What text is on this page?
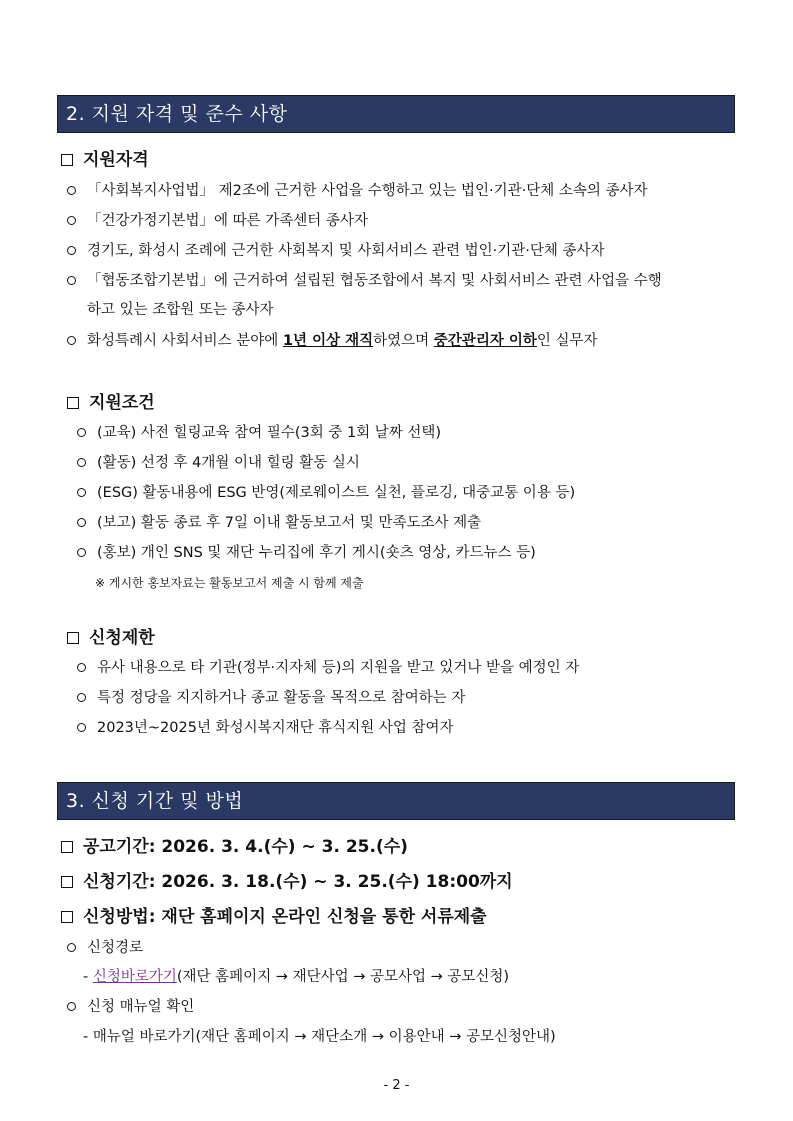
2. 지원 자격 및 준수 사항
지원자격
「사회복지사업법」 제2조에 근거한 사업을 수행하고 있는 법인·기관·단체 소속의 종사자
「건강가정기본법」에 따른 가족센터 종사자
경기도, 화성시 조례에 근거한 사회복지 및 사회서비스 관련 법인·기관·단체 종사자
「협동조합기본법」에 근거하여 설립된 협동조합에서 복지 및 사회서비스 관련 사업을 수행
하고 있는 조합원 또는 종사자
화성특례시 사회서비스 분야에 1년 이상 재직하였으며 중간관리자 이하인 실무자
지원조건
(교육) 사전 힐링교육 참여 필수(3회 중 1회 날짜 선택)
(활동) 선정 후 4개월 이내 힐링 활동 실시
(ESG) 활동내용에 ESG 반영(제로웨이스트 실천, 플로깅, 대중교통 이용 등)
(보고) 활동 종료 후 7일 이내 활동보고서 및 만족도조사 제출
(홍보) 개인 SNS 및 재단 누리집에 후기 게시(숏츠 영상, 카드뉴스 등)
※ 게시한 홍보자료는 활동보고서 제출 시 함께 제출
신청제한
유사 내용으로 타 기관(정부·지자체 등)의 지원을 받고 있거나 받을 예정인 자
특정 정당을 지지하거나 종교 활동을 목적으로 참여하는 자
2023년~2025년 화성시복지재단 휴식지원 사업 참여자
3. 신청 기간 및 방법
공고기간: 2026. 3. 4.(수) ~ 3. 25.(수)
신청기간: 2026. 3. 18.(수) ~ 3. 25.(수) 18:00까지
신청방법: 재단 홈페이지 온라인 신청을 통한 서류제출
신청경로
- 신청바로가기(재단 홈페이지 → 재단사업 → 공모사업 → 공모신청)
신청 매뉴얼 확인
- 매뉴얼 바로가기(재단 홈페이지 → 재단소개 → 이용안내 → 공모신청안내)
- 2 -
